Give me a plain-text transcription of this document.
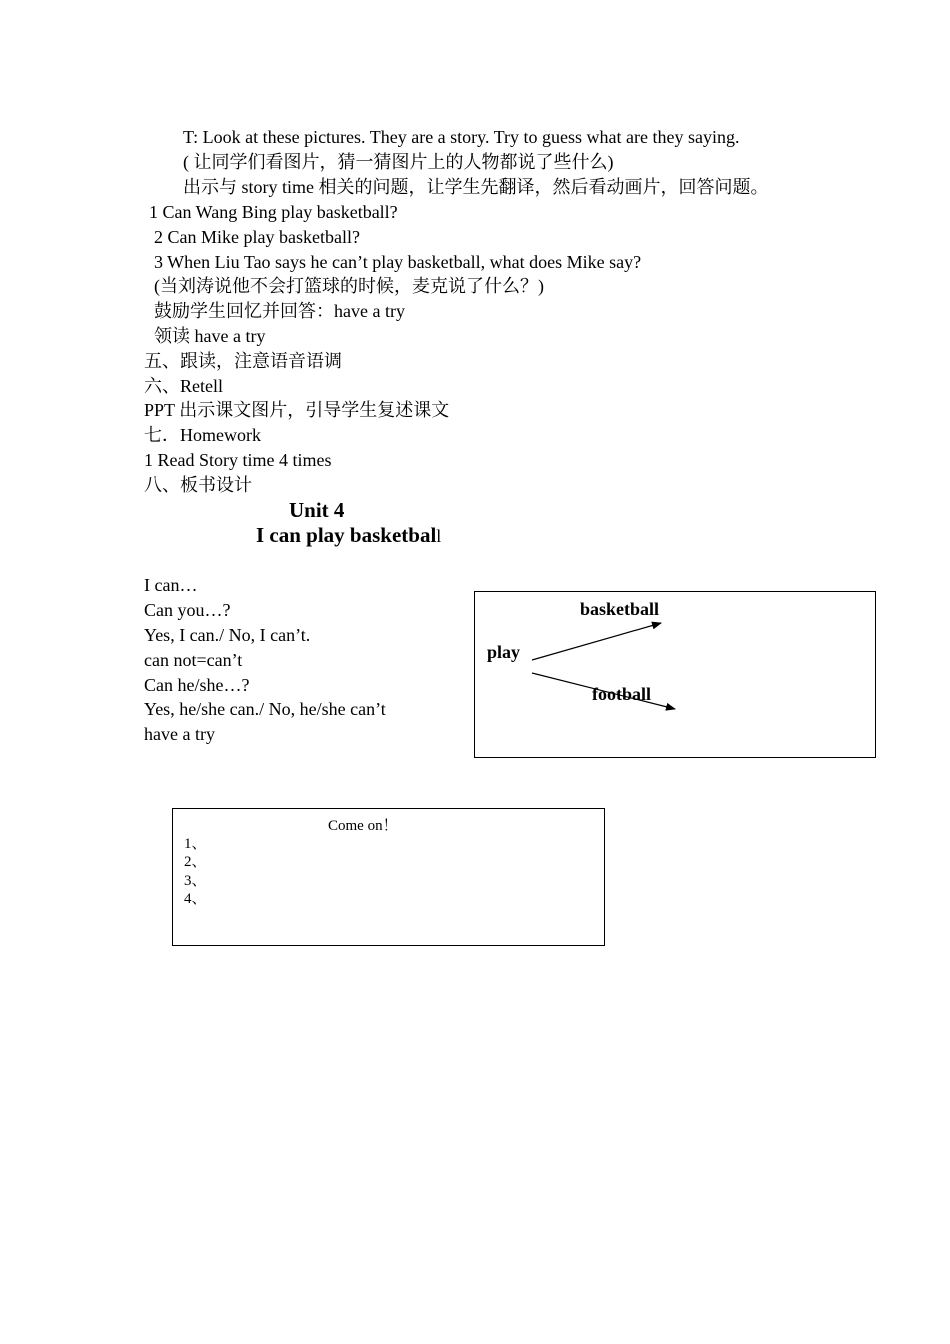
T: Look at these pictures. They are a story. Try to guess what are they saying.
( 让同学们看图片，猜一猜图片上的人物都说了些什么)
出示与 story time 相关的问题，让学生先翻译，然后看动画片，回答问题。
1 Can Wang Bing play basketball?
2 Can Mike play basketball?
3 When Liu Tao says he can’t play basketball, what does Mike say?
(当刘涛说他不会打篮球的时候，麦克说了什么？)
鼓励学生回忆并回答：have a try
领读 have a try
五、跟读，注意语音语调
六、Retell
PPT 出示课文图片，引导学生复述课文
七．Homework
1 Read Story time 4 times
八、板书设计
Unit 4
I can play basketball
I can…
Can you…?
Yes, I can./ No, I can’t.
can not=can’t
Can he/she…?
Yes, he/she can./ No, he/she can’t
have a try
basketball
play
football
Come on！
1、
2、
3、
4、
